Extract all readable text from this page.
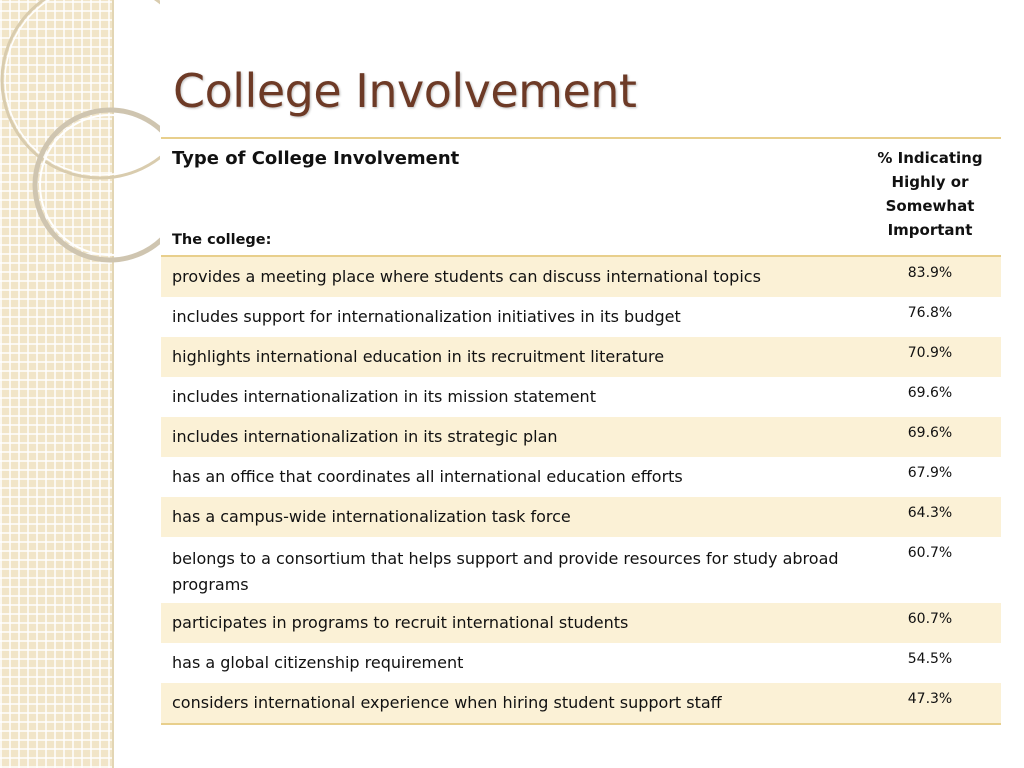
College Involvement
Type of College Involvement
The college:	% Indicating Highly or Somewhat Important
provides a meeting place where students can discuss international topics	83.9%
includes support for internationalization initiatives in its budget	76.8%
highlights international education in its recruitment literature	70.9%
includes internationalization in its mission statement	69.6%
includes internationalization in its strategic plan	69.6%
has an office that coordinates all international education efforts	67.9%
has a campus-wide internationalization task force	64.3%
belongs to a consortium that helps support and provide resources for study abroad programs	60.7%
participates in programs to recruit international students	60.7%
has a global citizenship requirement	54.5%
considers international experience when hiring student support staff	47.3%
